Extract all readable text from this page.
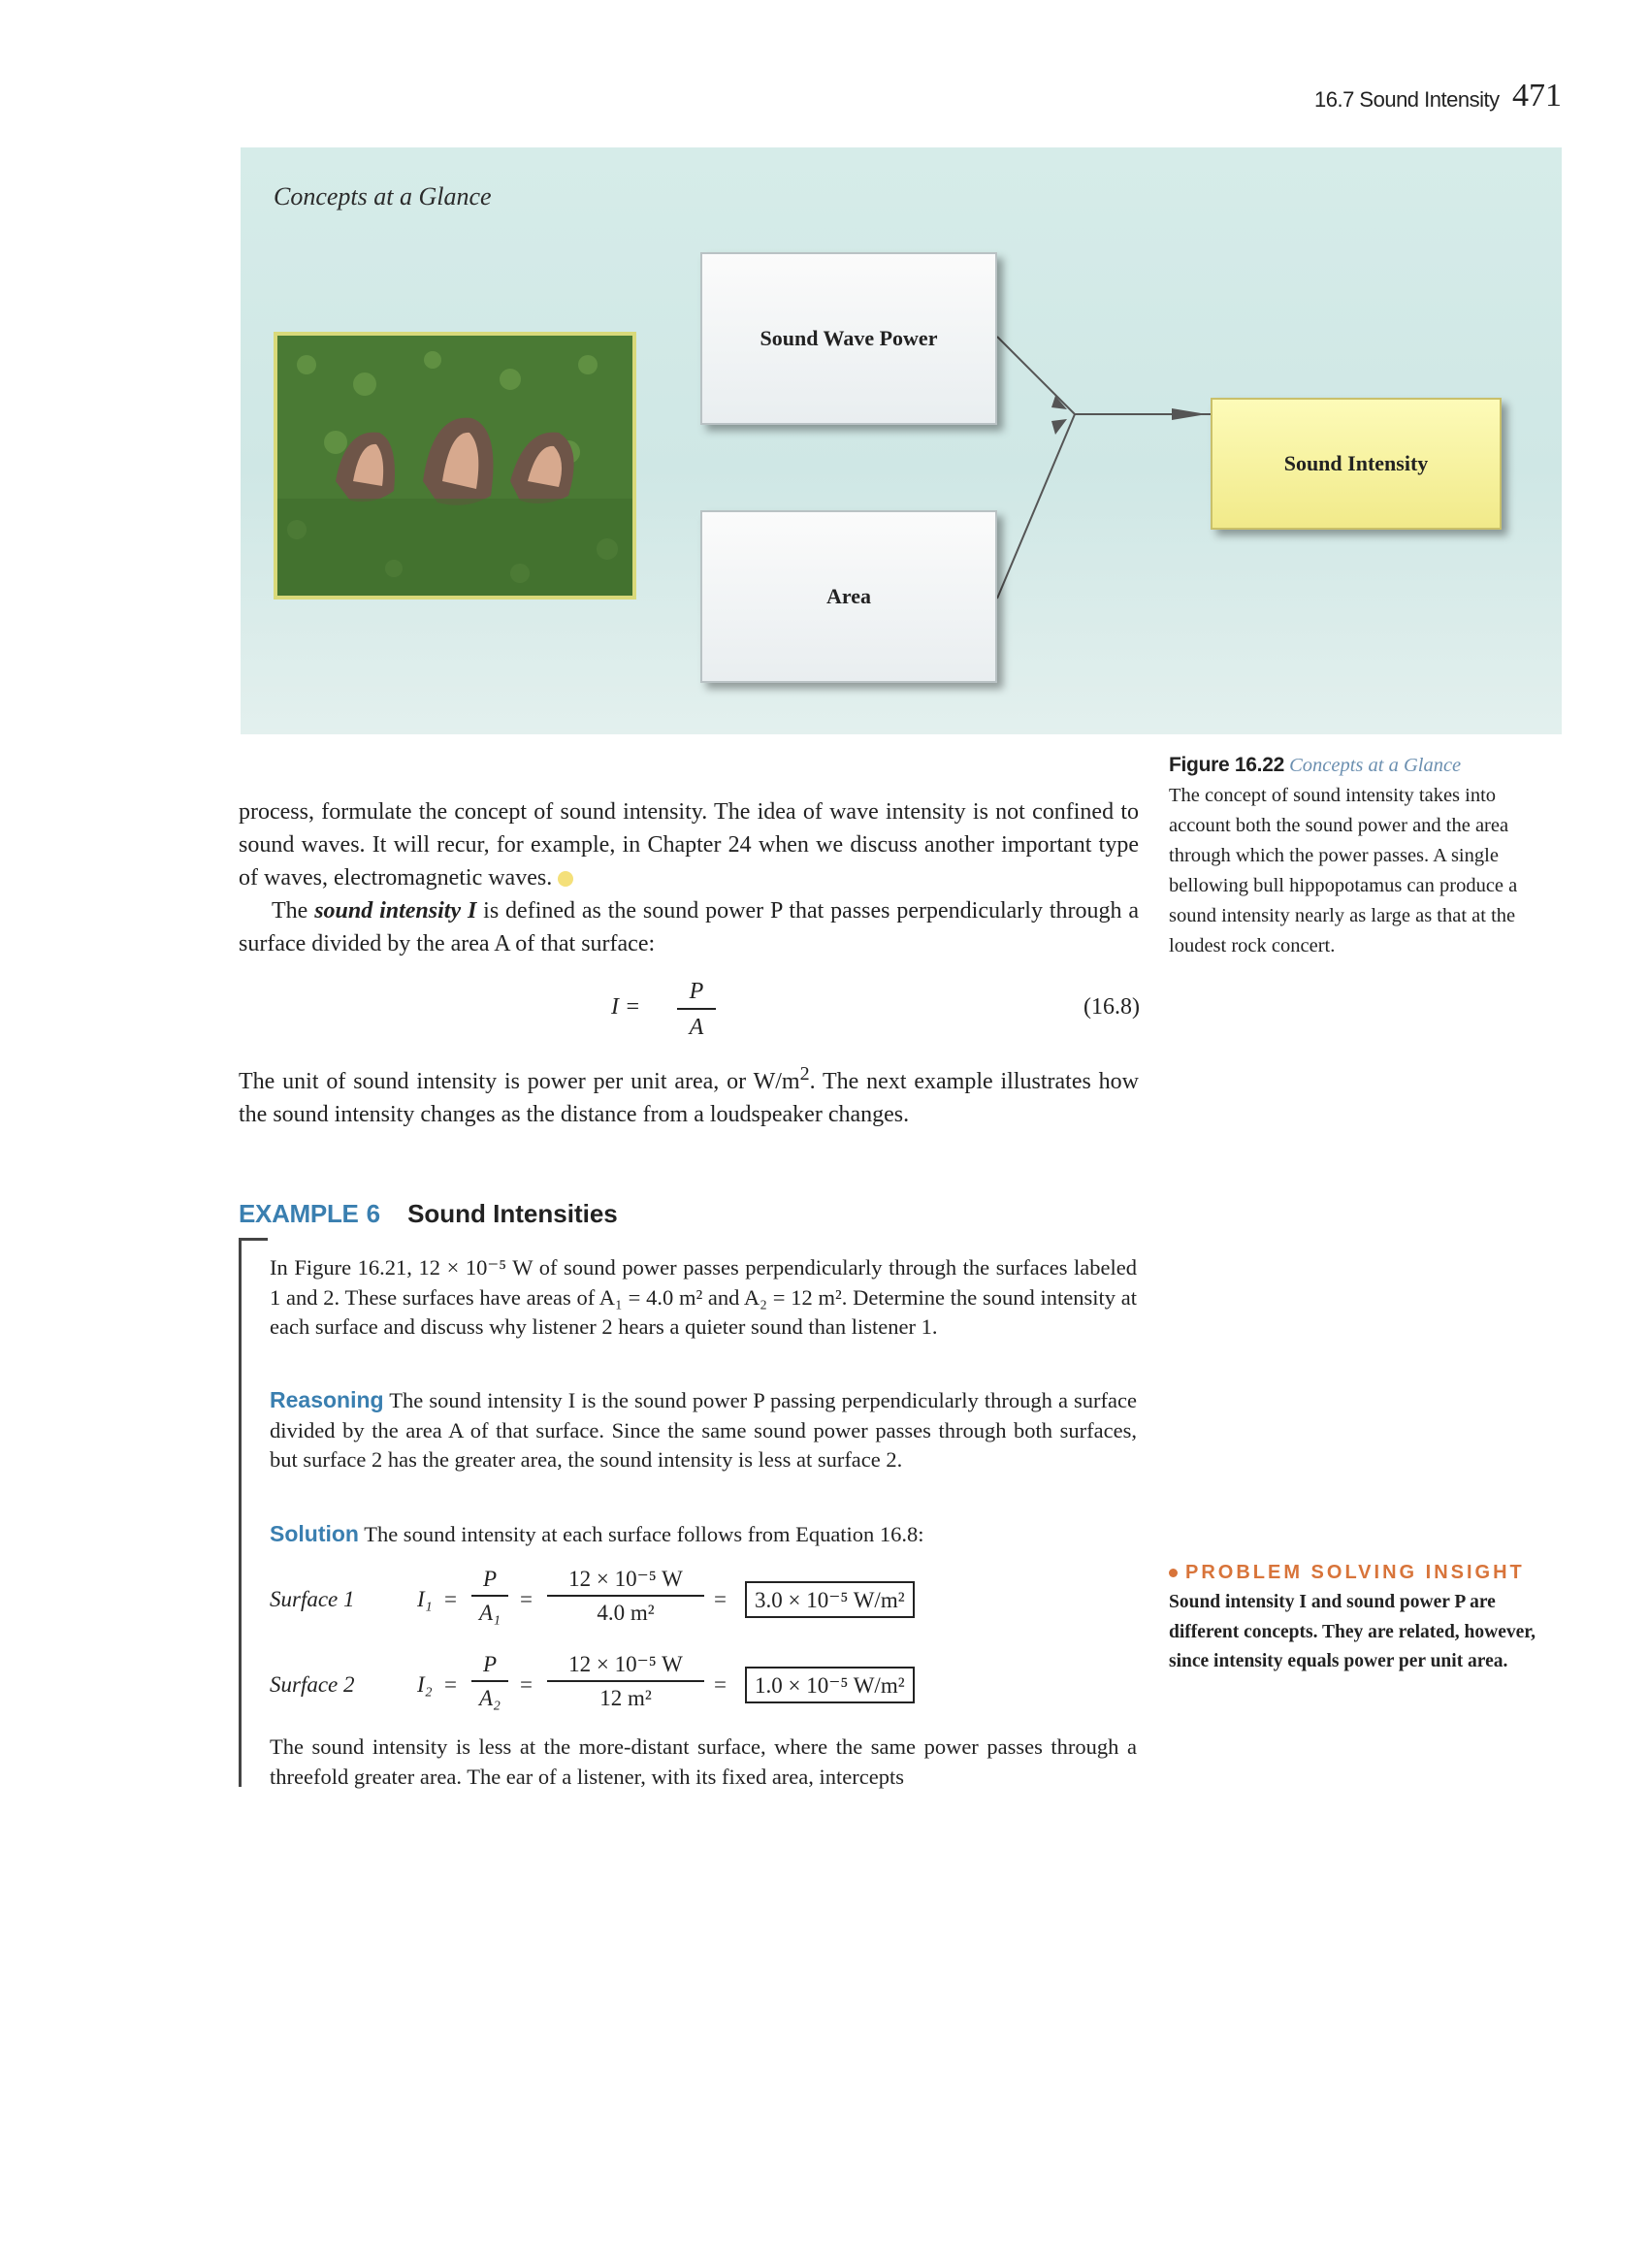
16.7 Sound Intensity 471
Concepts at a Glance
Sound Wave Power
Area
Sound Intensity
Figure 16.22 Concepts at a Glance
The concept of sound intensity takes into account both the sound power and the area through which the power passes. A single bellowing bull hippopotamus can produce a sound intensity nearly as large as that at the loudest rock concert.
process, formulate the concept of sound intensity. The idea of wave intensity is not confined to sound waves. It will recur, for example, in Chapter 24 when we discuss another important type of waves, electromagnetic waves.
The sound intensity I is defined as the sound power P that passes perpendicularly through a surface divided by the area A of that surface:
I =
P
A
(16.8)
The unit of sound intensity is power per unit area, or $W/m^2$. The next example illustrates how the sound intensity changes as the distance from a loudspeaker changes.
EXAMPLE 6 Sound Intensities
In Figure 16.21, 12 × 10⁻⁵ W of sound power passes perpendicularly through the surfaces labeled 1 and 2. These surfaces have areas of A₁ = 4.0 m² and A₂ = 12 m². Determine the sound intensity at each surface and discuss why listener 2 hears a quieter sound than listener 1.
Reasoning The sound intensity I is the sound power P passing perpendicularly through a surface divided by the area A of that surface. Since the same sound power passes through both surfaces, but surface 2 has the greater area, the sound intensity is less at surface 2.
Solution The sound intensity at each surface follows from Equation 16.8:
Surface 1	I₁ =
P
A₁
=
12 × 10⁻⁵ W
4.0 m²
=	3.0 × 10⁻⁵ W/m²
Surface 2	I₂ =
P
A₂
=
12 × 10⁻⁵ W
12 m²
=	1.0 × 10⁻⁵ W/m²
The sound intensity is less at the more-distant surface, where the same power passes through a threefold greater area. The ear of a listener, with its fixed area, intercepts
PROBLEM SOLVING INSIGHT
Sound intensity I and sound power P are different concepts. They are related, however, since intensity equals power per unit area.
